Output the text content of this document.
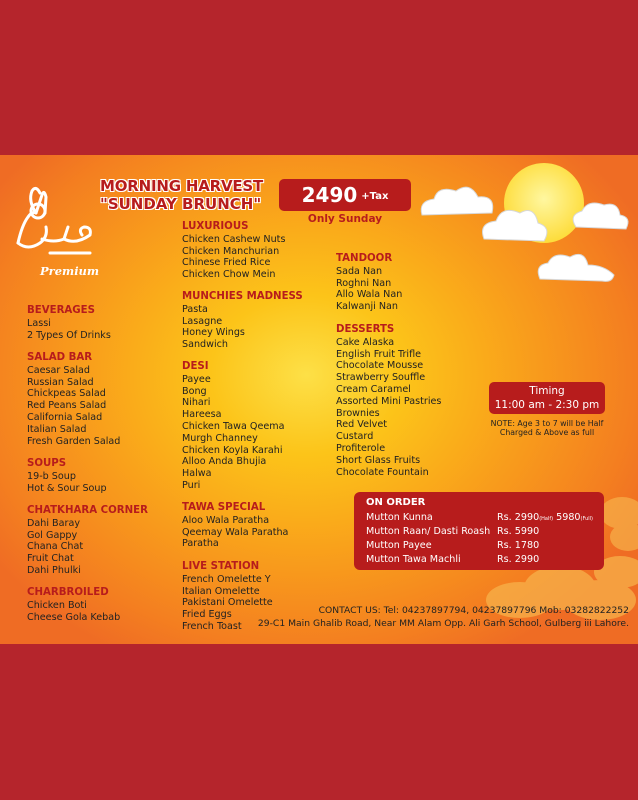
Premium
MORNING HARVEST
"SUNDAY BRUNCH" 2490 +Tax
Only Sunday
BEVERAGES
Lassi
2 Types Of Drinks
SALAD BAR
Caesar Salad
Russian Salad
Chickpeas Salad
Red Peans Salad
California Salad
Italian Salad
Fresh Garden Salad
SOUPS
19-b Soup
Hot & Sour Soup
CHATKHARA CORNER
Dahi Baray
Gol Gappy
Chana Chat
Fruit Chat
Dahi Phulki
CHARBROILED
Chicken Boti
Cheese Gola Kebab
LUXURIOUS
Chicken Cashew Nuts
Chicken Manchurian
Chinese Fried Rice
Chicken Chow Mein
MUNCHIES MADNESS
Pasta
Lasagne
Honey Wings
Sandwich
DESI
Payee
Bong
Nihari
Hareesa
Chicken Tawa Qeema
Murgh Channey
Chicken Koyla Karahi
Alloo Anda Bhujia
Halwa
Puri
TAWA SPECIAL
Aloo Wala Paratha
Qeemay Wala Paratha
Paratha
LIVE STATION
French Omelette Y
Italian Omelette
Pakistani Omelette
Fried Eggs
French Toast
TANDOOR
Sada Nan
Roghni Nan
Allo Wala Nan
Kalwanji Nan
DESSERTS
Cake Alaska
English Fruit Trifle
Chocolate Mousse
Strawberry Souffle
Cream Caramel
Assorted Mini Pastries
Brownies
Red Velvet
Custard
Profiterole
Short Glass Fruits
Chocolate Fountain
Timing
11:00 am - 2:30 pm
NOTE: Age 3 to 7 will be Half Charged & Above as full
ON ORDER
Mutton Kunna	Rs. 2990(Half) 5980(Full)
Mutton Raan/ Dasti Roash Rs. 5990
Mutton Payee	Rs. 1780
Mutton Tawa Machli	Rs. 2990
CONTACT US: Tel: 04237897794, 04237897796 Mob: 03282822252
29-C1 Main Ghalib Road, Near MM Alam Opp. Ali Garh School, Gulberg iii Lahore.
